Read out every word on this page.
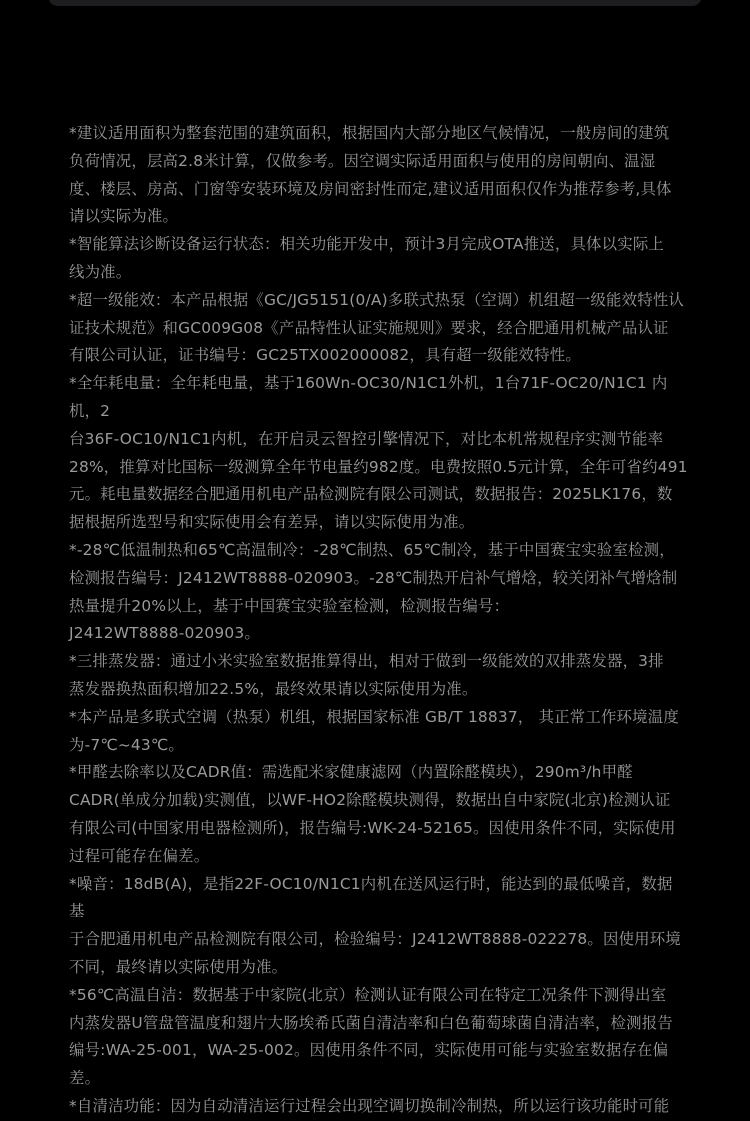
*建议适用面积为整套范围的建筑面积，根据国内大部分地区气候情况，一般房间的建筑
负荷情况，层高2.8米计算，仅做参考。因空调实际适用面积与使用的房间朝向、温湿
度、楼层、房高、门窗等安装环境及房间密封性而定,建议适用面积仅作为推荐参考,具体
请以实际为准。

*智能算法诊断设备运行状态：相关功能开发中，预计3月完成OTA推送，具体以实际上
线为准。

*超一级能效：本产品根据《GC/JG5151(0/A)多联式热泵（空调）机组超一级能效特性认
证技术规范》和GC009G08《产品特性认证实施规则》要求，经合肥通用机械产品认证
有限公司认证，证书编号：GC25TX002000082，具有超一级能效特性。

*全年耗电量：全年耗电量，基于160Wn-OC30/N1C1外机，1台71F-OC20/N1C1 内机，2
台36F-OC10/N1C1内机，在开启灵云智控引擎情况下，对比本机常规程序实测节能率
28%，推算对比国标一级测算全年节电量约982度。电费按照0.5元计算，全年可省约491
元。耗电量数据经合肥通用机电产品检测院有限公司测试，数据报告：2025LK176，数
据根据所选型号和实际使用会有差异，请以实际使用为准。

*-28℃低温制热和65℃高温制冷：-28℃制热、65℃制冷，基于中国赛宝实验室检测，
检测报告编号：J2412WT8888-020903。-28℃制热开启补气增焓，较关闭补气增焓制
热量提升20%以上，基于中国赛宝实验室检测，检测报告编号：
J2412WT8888-020903。

*三排蒸发器：通过小米实验室数据推算得出，相对于做到一级能效的双排蒸发器，3排
蒸发器换热面积增加22.5%，最终效果请以实际使用为准。

*本产品是多联式空调（热泵）机组，根据国家标准 GB/T 18837， 其正常工作环境温度
为-7℃~43℃。

*甲醛去除率以及CADR值：需选配米家健康滤网（内置除醛模块），290m³/h甲醛
CADR(单成分加载)实测值，以WF-HO2除醛模块测得，数据出自中家院(北京)检测认证
有限公司(中国家用电器检测所)，报告编号:WK-24-52165。因使用条件不同，实际使用
过程可能存在偏差。

*噪音：18dB(A)，是指22F-OC10/N1C1内机在送风运行时，能达到的最低噪音，数据基
于合肥通用机电产品检测院有限公司，检验编号：J2412WT8888-022278。因使用环境
不同，最终请以实际使用为准。

*56℃高温自洁：数据基于中家院(北京）检测认证有限公司在特定工况条件下测得出室
内蒸发器U管盘管温度和翅片大肠埃希氏菌自清洁率和白色葡萄球菌自清洁率，检测报告
编号:WA-25-001，WA-25-002。因使用条件不同，实际使用可能与实验室数据存在偏
差。

*自清洁功能：因为自动清洁运行过程会出现空调切换制冷制热，所以运行该功能时可能
